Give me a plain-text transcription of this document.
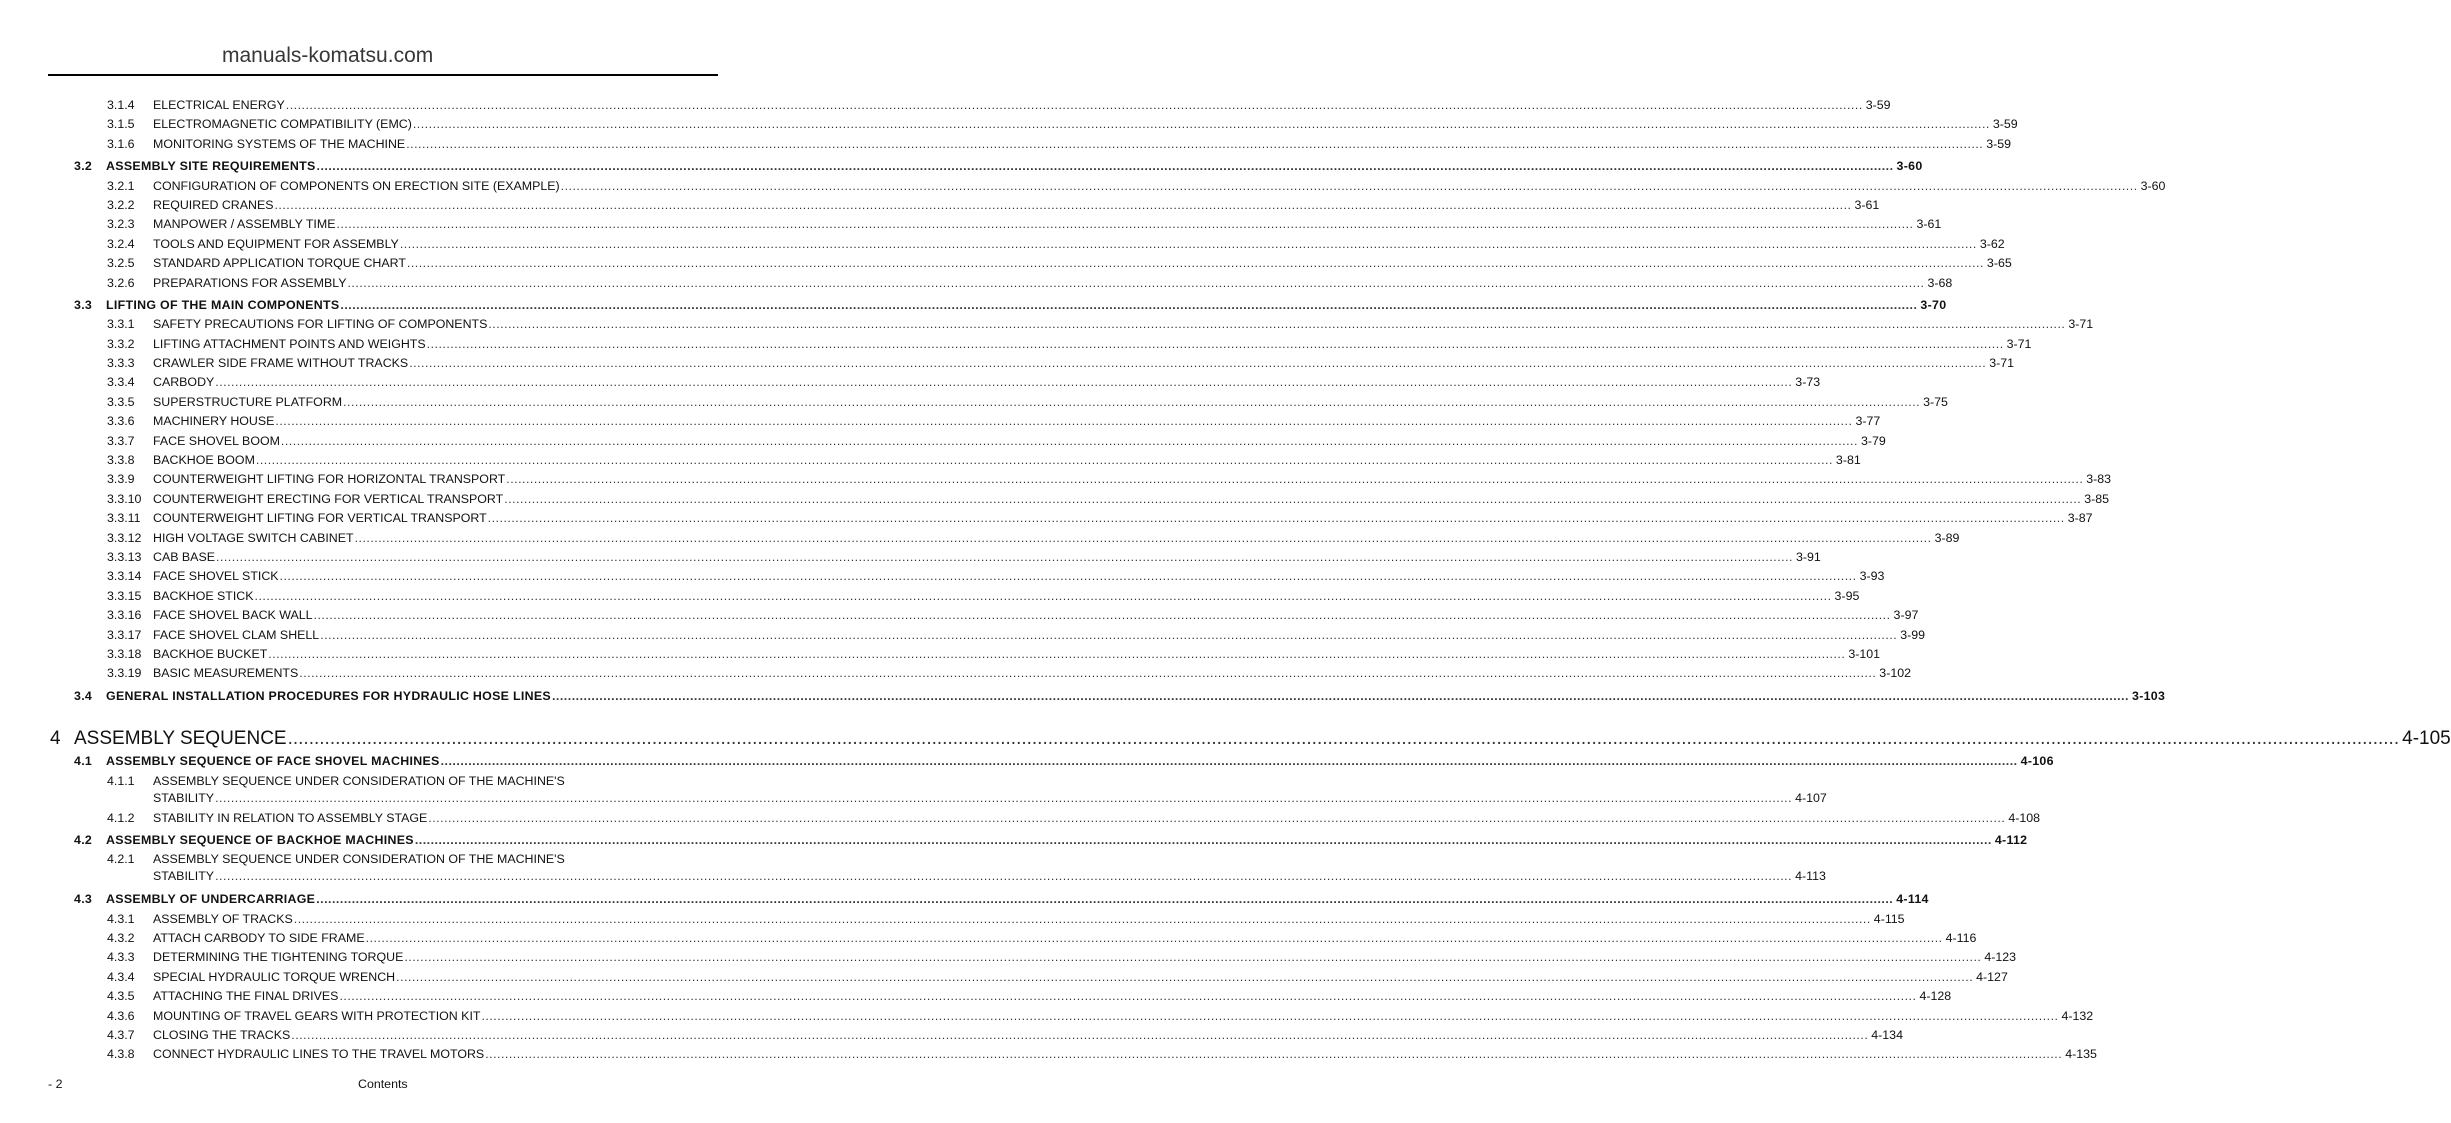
manuals-komatsu.com
3.1.4 ELECTRICAL ENERGY ................................................................................................................................................................................................................................................................................................................................................................................................................ 3-59
3.1.5 ELECTROMAGNETIC COMPATIBILITY (EMC) ................................................................................................................................................................................................................................................................................................................................................................................................................ 3-59
3.1.6 MONITORING SYSTEMS OF THE MACHINE ................................................................................................................................................................................................................................................................................................................................................................................................................ 3-59
3.2 ASSEMBLY SITE REQUIREMENTS ................................................................................................................................................................................................................................................................................................................................................................................................................ 3-60
3.2.1 CONFIGURATION OF COMPONENTS ON ERECTION SITE (EXAMPLE) ................................................................................................................................................................................................................................................................................................................................................................................................................ 3-60
3.2.2 REQUIRED CRANES ................................................................................................................................................................................................................................................................................................................................................................................................................ 3-61
3.2.3 MANPOWER / ASSEMBLY TIME ................................................................................................................................................................................................................................................................................................................................................................................................................ 3-61
3.2.4 TOOLS AND EQUIPMENT FOR ASSEMBLY ................................................................................................................................................................................................................................................................................................................................................................................................................ 3-62
3.2.5 STANDARD APPLICATION TORQUE CHART ................................................................................................................................................................................................................................................................................................................................................................................................................ 3-65
3.2.6 PREPARATIONS FOR ASSEMBLY ................................................................................................................................................................................................................................................................................................................................................................................................................ 3-68
3.3 LIFTING OF THE MAIN COMPONENTS ................................................................................................................................................................................................................................................................................................................................................................................................................ 3-70
3.3.1 SAFETY PRECAUTIONS FOR LIFTING OF COMPONENTS ................................................................................................................................................................................................................................................................................................................................................................................................................ 3-71
3.3.2 LIFTING ATTACHMENT POINTS AND WEIGHTS ................................................................................................................................................................................................................................................................................................................................................................................................................ 3-71
3.3.3 CRAWLER SIDE FRAME WITHOUT TRACKS ................................................................................................................................................................................................................................................................................................................................................................................................................ 3-71
3.3.4 CARBODY ................................................................................................................................................................................................................................................................................................................................................................................................................ 3-73
3.3.5 SUPERSTRUCTURE PLATFORM ................................................................................................................................................................................................................................................................................................................................................................................................................ 3-75
3.3.6 MACHINERY HOUSE ................................................................................................................................................................................................................................................................................................................................................................................................................ 3-77
3.3.7 FACE SHOVEL BOOM ................................................................................................................................................................................................................................................................................................................................................................................................................ 3-79
3.3.8 BACKHOE BOOM ................................................................................................................................................................................................................................................................................................................................................................................................................ 3-81
3.3.9 COUNTERWEIGHT LIFTING FOR HORIZONTAL TRANSPORT ................................................................................................................................................................................................................................................................................................................................................................................................................ 3-83
3.3.10 COUNTERWEIGHT ERECTING FOR VERTICAL TRANSPORT ................................................................................................................................................................................................................................................................................................................................................................................................................ 3-85
3.3.11 COUNTERWEIGHT LIFTING FOR VERTICAL TRANSPORT ................................................................................................................................................................................................................................................................................................................................................................................................................ 3-87
3.3.12 HIGH VOLTAGE SWITCH CABINET ................................................................................................................................................................................................................................................................................................................................................................................................................ 3-89
3.3.13 CAB BASE ................................................................................................................................................................................................................................................................................................................................................................................................................ 3-91
3.3.14 FACE SHOVEL STICK ................................................................................................................................................................................................................................................................................................................................................................................................................ 3-93
3.3.15 BACKHOE STICK ................................................................................................................................................................................................................................................................................................................................................................................................................ 3-95
3.3.16 FACE SHOVEL BACK WALL ................................................................................................................................................................................................................................................................................................................................................................................................................ 3-97
3.3.17 FACE SHOVEL CLAM SHELL ................................................................................................................................................................................................................................................................................................................................................................................................................ 3-99
3.3.18 BACKHOE BUCKET ................................................................................................................................................................................................................................................................................................................................................................................................................ 3-101
3.3.19 BASIC MEASUREMENTS ................................................................................................................................................................................................................................................................................................................................................................................................................ 3-102
3.4 GENERAL INSTALLATION PROCEDURES FOR HYDRAULIC HOSE LINES ................................................................................................................................................................................................................................................................................................................................................................................................................ 3-103
4 ASSEMBLY SEQUENCE ................................................................................................................................................................................................................................................................................................................................................................................................................ 4-105
4.1 ASSEMBLY SEQUENCE OF FACE SHOVEL MACHINES ................................................................................................................................................................................................................................................................................................................................................................................................................ 4-106
4.1.1 ASSEMBLY SEQUENCE UNDER CONSIDERATION OF THE MACHINE'S
STABILITY ................................................................................................................................................................................................................................................................................................................................................................................................................ 4-107
4.1.2 STABILITY IN RELATION TO ASSEMBLY STAGE ................................................................................................................................................................................................................................................................................................................................................................................................................ 4-108
4.2 ASSEMBLY SEQUENCE OF BACKHOE MACHINES ................................................................................................................................................................................................................................................................................................................................................................................................................ 4-112
4.2.1 ASSEMBLY SEQUENCE UNDER CONSIDERATION OF THE MACHINE'S
STABILITY ................................................................................................................................................................................................................................................................................................................................................................................................................ 4-113
4.3 ASSEMBLY OF UNDERCARRIAGE ................................................................................................................................................................................................................................................................................................................................................................................................................ 4-114
4.3.1 ASSEMBLY OF TRACKS ................................................................................................................................................................................................................................................................................................................................................................................................................ 4-115
4.3.2 ATTACH CARBODY TO SIDE FRAME ................................................................................................................................................................................................................................................................................................................................................................................................................ 4-116
4.3.3 DETERMINING THE TIGHTENING TORQUE ................................................................................................................................................................................................................................................................................................................................................................................................................ 4-123
4.3.4 SPECIAL HYDRAULIC TORQUE WRENCH ................................................................................................................................................................................................................................................................................................................................................................................................................ 4-127
4.3.5 ATTACHING THE FINAL DRIVES ................................................................................................................................................................................................................................................................................................................................................................................................................ 4-128
4.3.6 MOUNTING OF TRAVEL GEARS WITH PROTECTION KIT ................................................................................................................................................................................................................................................................................................................................................................................................................ 4-132
4.3.7 CLOSING THE TRACKS ................................................................................................................................................................................................................................................................................................................................................................................................................ 4-134
4.3.8 CONNECT HYDRAULIC LINES TO THE TRAVEL MOTORS ................................................................................................................................................................................................................................................................................................................................................................................................................ 4-135
- 2	Contents
